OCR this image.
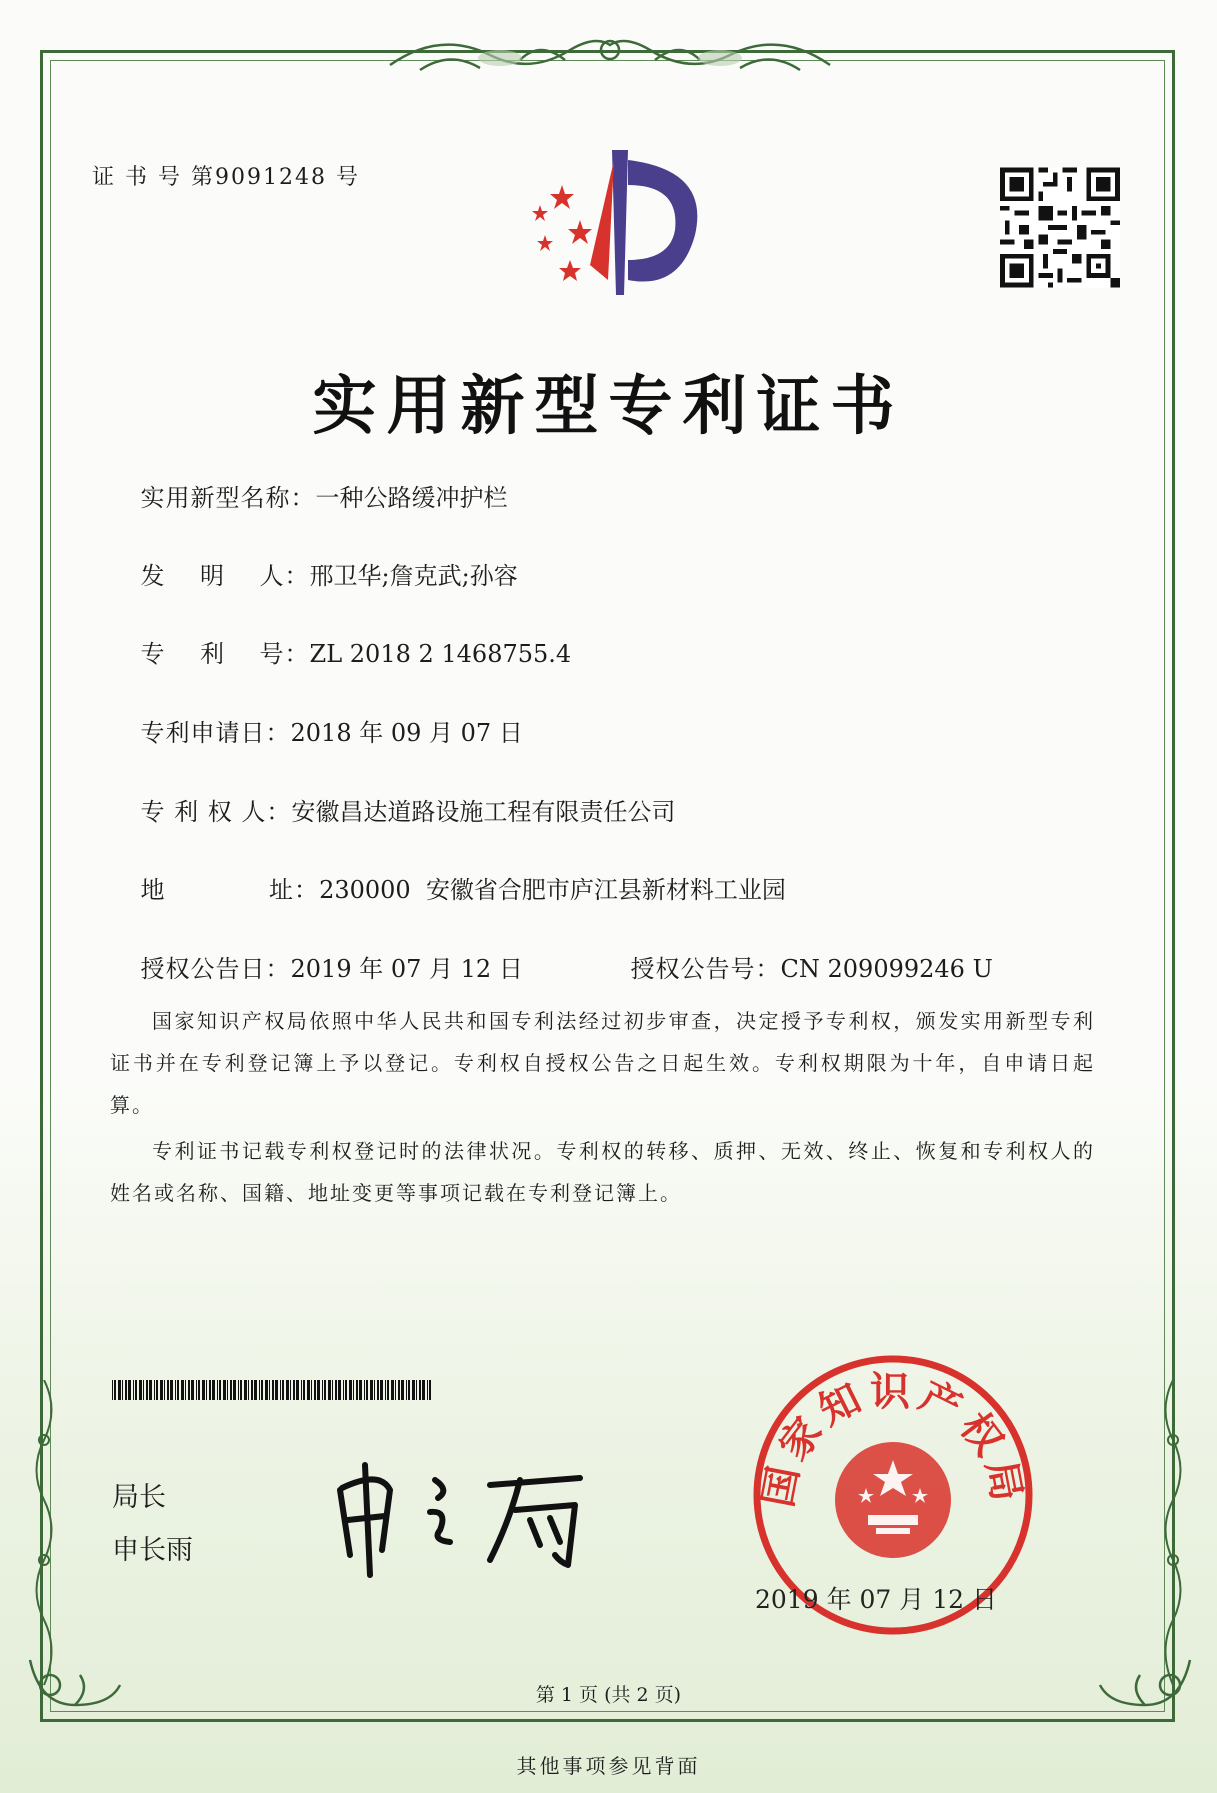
证 书 号 第9091248 号
实用新型专利证书

实用新型名称：一种公路缓冲护栏

发    明    人：邢卫华;詹克武;孙容

专    利    号：ZL 2018 2 1468755.4

专利申请日：2018 年 09 月 07 日

专 利 权 人：安徽昌达道路设施工程有限责任公司

地            址：230000  安徽省合肥市庐江县新材料工业园

授权公告日：2019 年 07 月 12 日
	授权公告号：CN 209099246 U

国家知识产权局依照中华人民共和国专利法经过初步审查，决定授予专利权，颁发实用新型专利证书并在专利登记簿上予以登记。专利权自授权公告之日起生效。专利权期限为十年，自申请日起算。
专利证书记载专利权登记时的法律状况。专利权的转移、质押、无效、终止、恢复和专利权人的姓名或名称、国籍、地址变更等事项记载在专利登记簿上。
局长
申长雨
国家知识产权局
2019 年 07 月 12 日
第 1 页 (共 2 页)
其他事项参见背面
